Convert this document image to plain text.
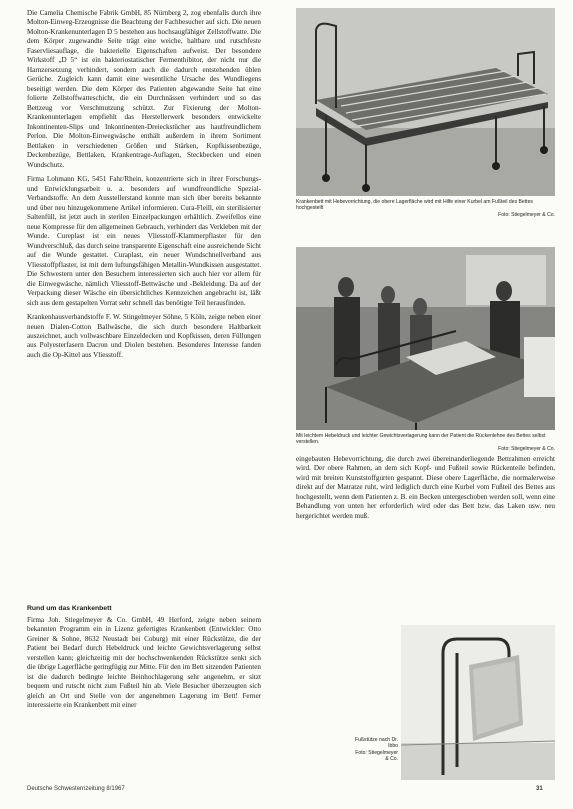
Die Camelia Chemische Fabrik GmbH, 85 Nürnberg 2, zog ebenfalls durch ihre Molton-Einweg-Erzeugnisse die Beachtung der Fachbesucher auf sich. Die neuen Molton-Krankenunterlagen D 5 bestehen aus hochsaugfähiger Zellstoffwatte. Die dem Körper zugewandte Seite trägt eine weiche, haltbare und rutschfeste Faservliesauflage, die bakterielle Eigenschaften aufweist. Der besondere Wirkstoff „D 5“ ist ein bakteriostatischer Fermenthibitor, der nicht nur die Harnzersetzung verhindert, sondern auch die dadurch entstehenden üblen Gerüche. Zugleich kann damit eine wesentliche Ursache des Wundliegens beseitigt werden. Die dem Körper des Patienten abgewandte Seite hat eine folierte Zellstoffwatteschicht, die ein Durchnässen verhindert und so das Bettzeug vor Verschmutzung schützt. Zur Fixierung der Molton-Krankenunterlagen empfiehlt das Herstellerwerk besonders entwickelte Inkontinenten-Slips und Inkontinenten-Dreieckstücher aus hautfreundlichem Perlon. Die Molton-Einwegwäsche enthält außerdem in ihrem Sortiment Bettlaken in verschiedenen Größen und Stärken, Kopfkissenbezüge, Deckenbezüge, Bettlaken, Krankentrage-Auflagen, Steckbecken und einen Wundschutz.

Firma Lohmann KG, 5451 Fahr/Rhein, konzentrierte sich in ihrer Forschungs- und Entwicklungsarbeit u. a. besonders auf wundfreundliche Spezial-Verbandstoffe. An dem Ausstellerstand konnte man sich über bereits bekannte und über neu hinzugekommene Artikel informieren. Cura-Fleill, ein sterilisierter Saltenfüll, ist jetzt auch in sterilen Einzelpackungen erhältlich. Zweifellos eine neue Kompresse für den allgemeinen Gebrauch, verhindert das Verkleben mit der Wunde. Cureplast ist ein neues Vliesstoff-Klammerpflaster für den Wundverschluß, das durch seine transparente Eigenschaft eine ausreichende Sicht auf die Wunde gestattet. Curaplast, ein neuer Wundschnellverband aus Vliesstoffpflaster, ist mit dem luftungsfähigen Metallin-Wundkissen ausgestattet. Die Schwestern unter den Besuchern interessierten sich auch hier vor allem für die Einwegwäsche, nämlich Vliesstoff-Bettwäsche und -Bekleidung. Da auf der Verpackung dieser Wäsche ein übersichtliches Kennzeichen angebracht ist, läßt sich aus dem gestapelten Vorrat sehr schnell das benötigte Teil herausfinden.

Krankenhausverbandstoffe F. W. Stingelmeyer Söhne, 5 Köln, zeigte neben einer neuen Dialen-Cotton Ballwäsche, die sich durch besondere Haltbarkeit auszeichnet, auch vollwaschbare Einzeldecken und Kopfkissen, deren Füllungen aus Polyesterfasern Dacron und Diolen bestehen. Besonderes Interesse fanden auch die Op-Kittel aus Vliesstoff.

Rund um das Krankenbett

Firma Joh. Stiegelmeyer & Co. GmbH, 49 Herford, zeigte neben seinem bekannten Programm ein in Lizenz gefertigtes Krankenbett (Entwickler: Otto Greiner & Sohne, 8632 Neustadt bei Coburg) mit einer Rückstütze, die der Patient bei Bedarf durch Hebeldruck und leichte Gewichtsverlagerung selbst verstellen kann; gleichzeitig mit der hochschwenkenden Rückstütze senkt sich die übrige Lagerfläche geringfügig zur Mitte. Für den im Bett sitzenden Patienten ist die dadurch bedingte leichte Beinhochlagerung sehr angenehm, er sitzt bequem und rutscht nicht zum Fußteil hin ab. Viele Besucher überzeugten sich gleich an Ort und Stelle von der angenehmen Lagerung im Bett! Ferner interessierte ein Krankenbett mit einer

Krankenbett mit Hebevorrichtung, die obere Lagerfläche wird mit Hilfe einer Kurbel am Fußteil des Bettes hochgestellt
Foto: Stiegelmeyer & Co.
Mit leichtem Hebeldruck und leichter Gewichtsverlagerung kann der Patient die Rückenlehne des Bettes selbst verstellen.
Foto: Stiegelmeyer & Co.

eingebauten Hebevorrichtung, die durch zwei übereinanderliegende Bettrahmen erreicht wird. Der obere Rahmen, an dem sich Kopf- und Fußteil sowie Rückenteile befinden, wird mit breiten Kunststoffgurten gespannt. Diese obere Lagerfläche, die normalerweise direkt auf der Matratze ruht, wird lediglich durch eine Kurbel vom Fußteil des Bettes aus hochgestellt, wenn dem Patienten z. B. ein Becken untergeschoben werden soll, wenn eine Behandlung von unten her erforderlich wird oder das Bett bzw. das Laken usw. neu hergerichtet werden muß.

Fußstütze nach Dr. Ibbo
Foto: Stiegelmeyer & Co.
Deutsche Schwesternzeitung 8/1967	31
